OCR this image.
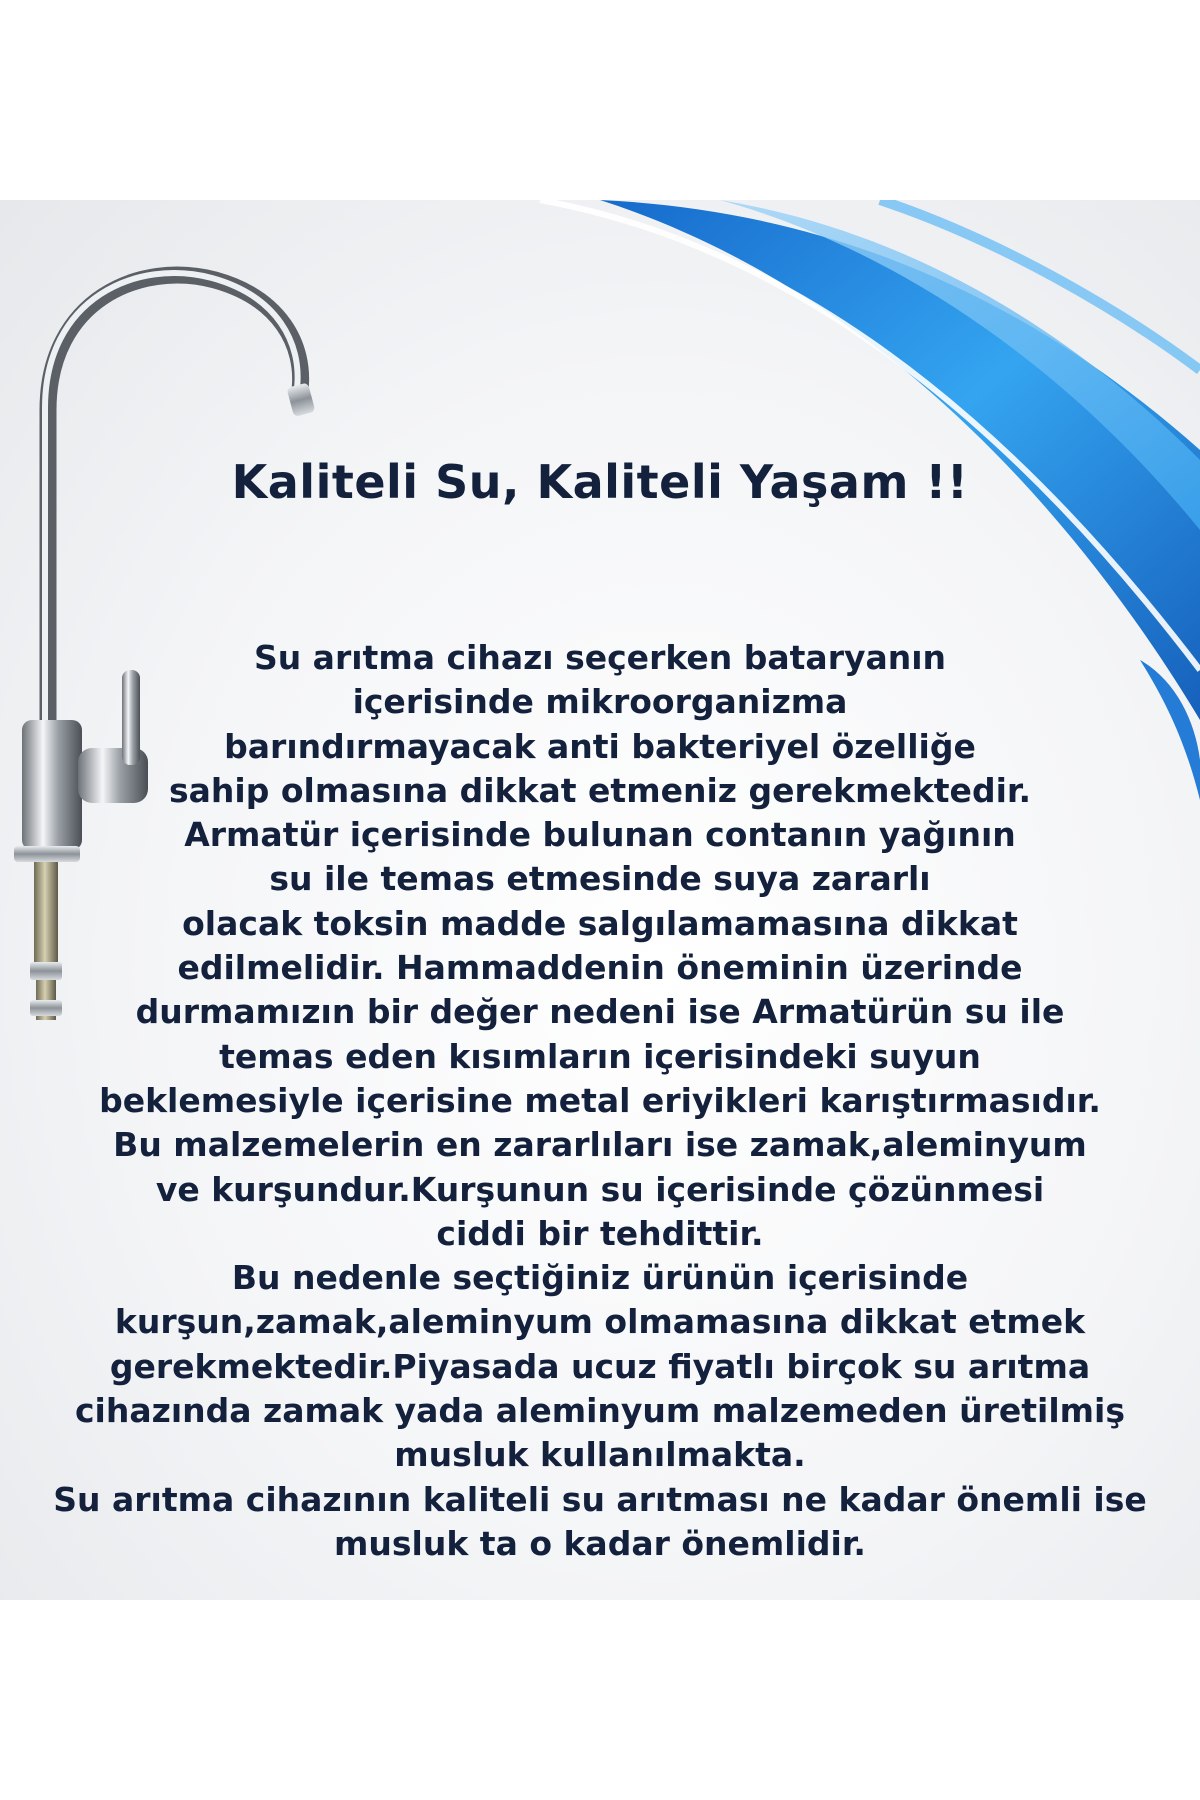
Kaliteli Su, Kaliteli Yaşam !!
Su arıtma cihazı seçerken bataryanın
içerisinde mikroorganizma
barındırmayacak anti bakteriyel özelliğe
sahip olmasına dikkat etmeniz gerekmektedir.
Armatür içerisinde bulunan contanın yağının
su ile temas etmesinde suya zararlı
olacak toksin madde salgılamamasına dikkat
edilmelidir. Hammaddenin öneminin üzerinde
durmamızın bir değer nedeni ise Armatürün su ile
temas eden kısımların içerisindeki suyun
beklemesiyle içerisine metal eriyikleri karıştırmasıdır.
Bu malzemelerin en zararlıları ise zamak,aleminyum
ve kurşundur.Kurşunun su içerisinde çözünmesi
ciddi bir tehdittir.
Bu nedenle seçtiğiniz ürünün içerisinde
kurşun,zamak,aleminyum olmamasına dikkat etmek
gerekmektedir.Piyasada ucuz fiyatlı birçok su arıtma
cihazında zamak yada aleminyum malzemeden üretilmiş
musluk kullanılmakta.
Su arıtma cihazının kaliteli su arıtması ne kadar önemli ise
musluk ta o kadar önemlidir.
